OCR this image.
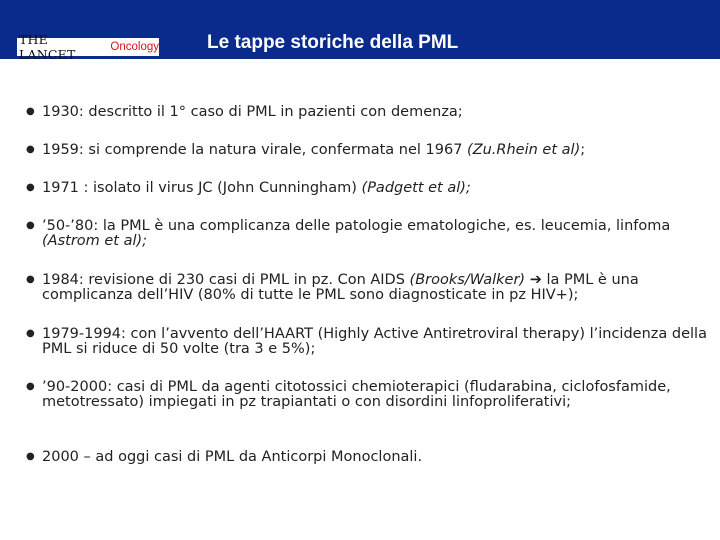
THE LANCET	Oncology	Le tappe storiche della PML
● 1930: descritto il 1° caso di PML in pazienti con demenza;
● 1959: si comprende la natura virale, confermata nel 1967 (Zu.Rhein et al);
● 1971 : isolato il virus JC (John Cunningham) (Padgett et al);
● ’50-’80: la PML è una complicanza delle patologie ematologiche, es. leucemia, linfoma (Astrom et al);
● 1984: revisione di 230 casi di PML in pz. Con AIDS (Brooks/Walker) ➔ la PML è una complicanza dell’HIV (80% di tutte le PML sono diagnosticate in pz HIV+);
● 1979-1994: con l’avvento dell’HAART (Highly Active Antiretroviral therapy) l’incidenza della PML si riduce di 50 volte (tra 3 e 5%);
● ’90-2000: casi di PML da agenti citotossici chemioterapici (fludarabina, ciclofosfamide, metotressato) impiegati in pz trapiantati o con disordini linfoproliferativi;
● 2000 – ad oggi casi di PML da Anticorpi Monoclonali.
